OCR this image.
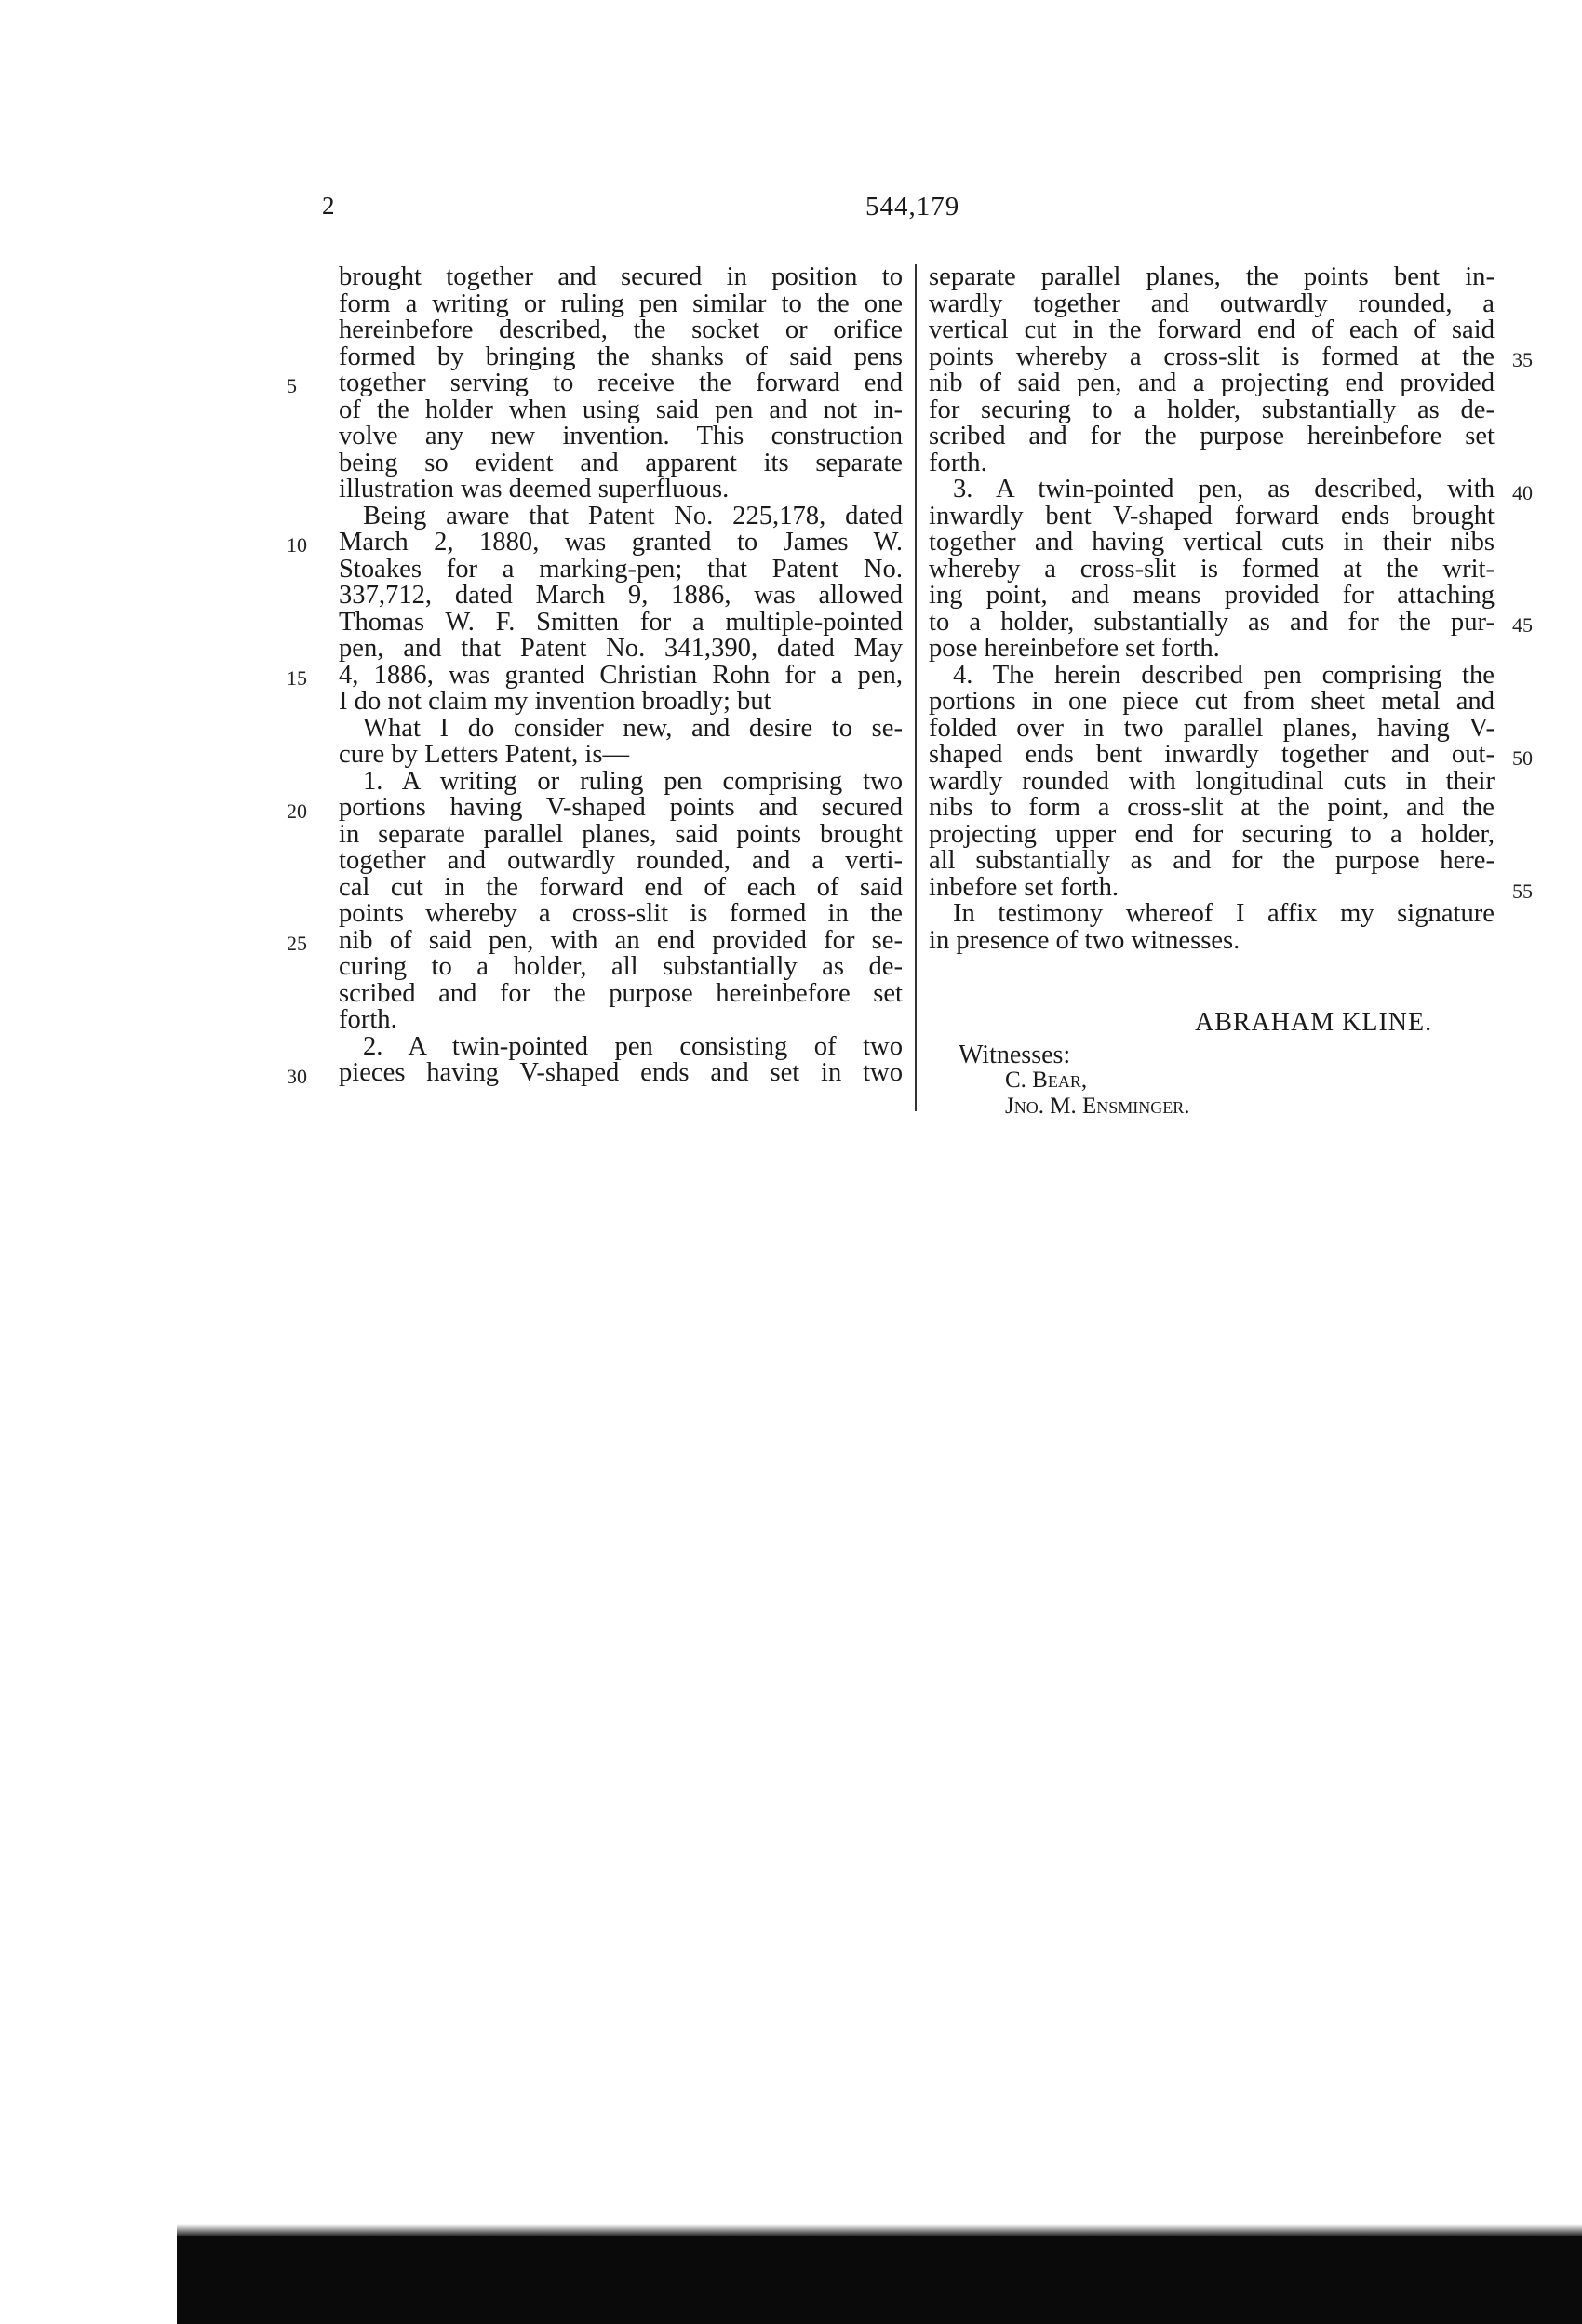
2	544,179

brought together and secured in position to

form a writing or ruling pen similar to the one

hereinbefore described, the socket or orifice

formed by bringing the shanks of said pens

together serving to receive the forward end

of the holder when using said pen and not in-

volve any new invention. This construction

being so evident and apparent its separate

illustration was deemed superfluous.

Being aware that Patent No. 225,178, dated

March 2, 1880, was granted to James W.

Stoakes for a marking-pen; that Patent No.

337,712, dated March 9, 1886, was allowed

Thomas W. F. Smitten for a multiple-pointed

pen, and that Patent No. 341,390, dated May

4, 1886, was granted Christian Rohn for a pen,

I do not claim my invention broadly; but

What I do consider new, and desire to se-

cure by Letters Patent, is—

1. A writing or ruling pen comprising two

portions having V-shaped points and secured

in separate parallel planes, said points brought

together and outwardly rounded, and a verti-

cal cut in the forward end of each of said

points whereby a cross-slit is formed in the

nib of said pen, with an end provided for se-

curing to a holder, all substantially as de-

scribed and for the purpose hereinbefore set

forth.

2. A twin-pointed pen consisting of two

pieces having V-shaped ends and set in two

separate parallel planes, the points bent in-

wardly together and outwardly rounded, a

vertical cut in the forward end of each of said

points whereby a cross-slit is formed at the

nib of said pen, and a projecting end provided

for securing to a holder, substantially as de-

scribed and for the purpose hereinbefore set

forth.

3. A twin-pointed pen, as described, with

inwardly bent V-shaped forward ends brought

together and having vertical cuts in their nibs

whereby a cross-slit is formed at the writ-

ing point, and means provided for attaching

to a holder, substantially as and for the pur-

pose hereinbefore set forth.

4. The herein described pen comprising the

portions in one piece cut from sheet metal and

folded over in two parallel planes, having V-

shaped ends bent inwardly together and out-

wardly rounded with longitudinal cuts in their

nibs to form a cross-slit at the point, and the

projecting upper end for securing to a holder,

all substantially as and for the purpose here-

inbefore set forth.

In testimony whereof I affix my signature

in presence of two witnesses.

5
10
15
20
25
30
35
40
45
50
55
ABRAHAM KLINE.
Witnesses:
C. Bear,
Jno. M. Ensminger.
